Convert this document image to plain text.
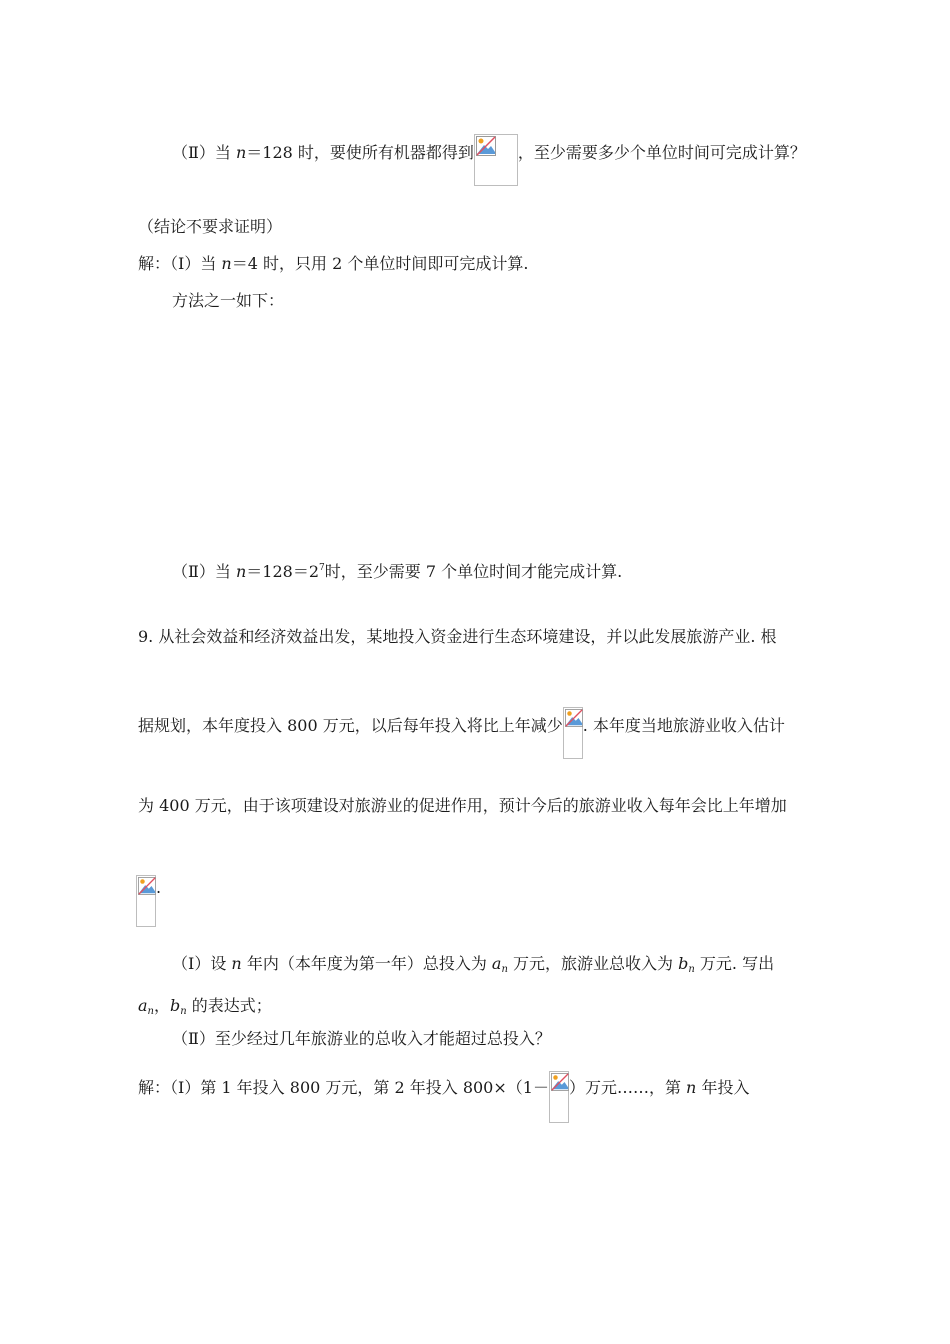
（Ⅱ）当 n＝128 时，要使所有机器都得到	，至少需要多少个单位时间可完成计算？
（结论不要求证明）
解：（Ⅰ）当 n＝4 时，只用 2 个单位时间即可完成计算.
方法之一如下：
（Ⅱ）当 $n=128=2^7$时，至少需要 7 个单位时间才能完成计算.
9. 从社会效益和经济效益出发，某地投入资金进行生态环境建设，并以此发展旅游产业. 根
据规划，本年度投入 800 万元，以后每年投入将比上年减少 . 本年度当地旅游业收入估计
为 400 万元，由于该项建设对旅游业的促进作用，预计今后的旅游业收入每年会比上年增加
.
（Ⅰ）设 n 年内（本年度为第一年）总投入为 $a_n$ 万元，旅游业总收入为 $b_n$ 万元. 写出
$a_n$，$b_n$ 的表达式；
（Ⅱ）至少经过几年旅游业的总收入才能超过总投入？
解：（Ⅰ）第 1 年投入 800 万元，第 2 年投入 800×（1－ ）万元……，第 n 年投入
